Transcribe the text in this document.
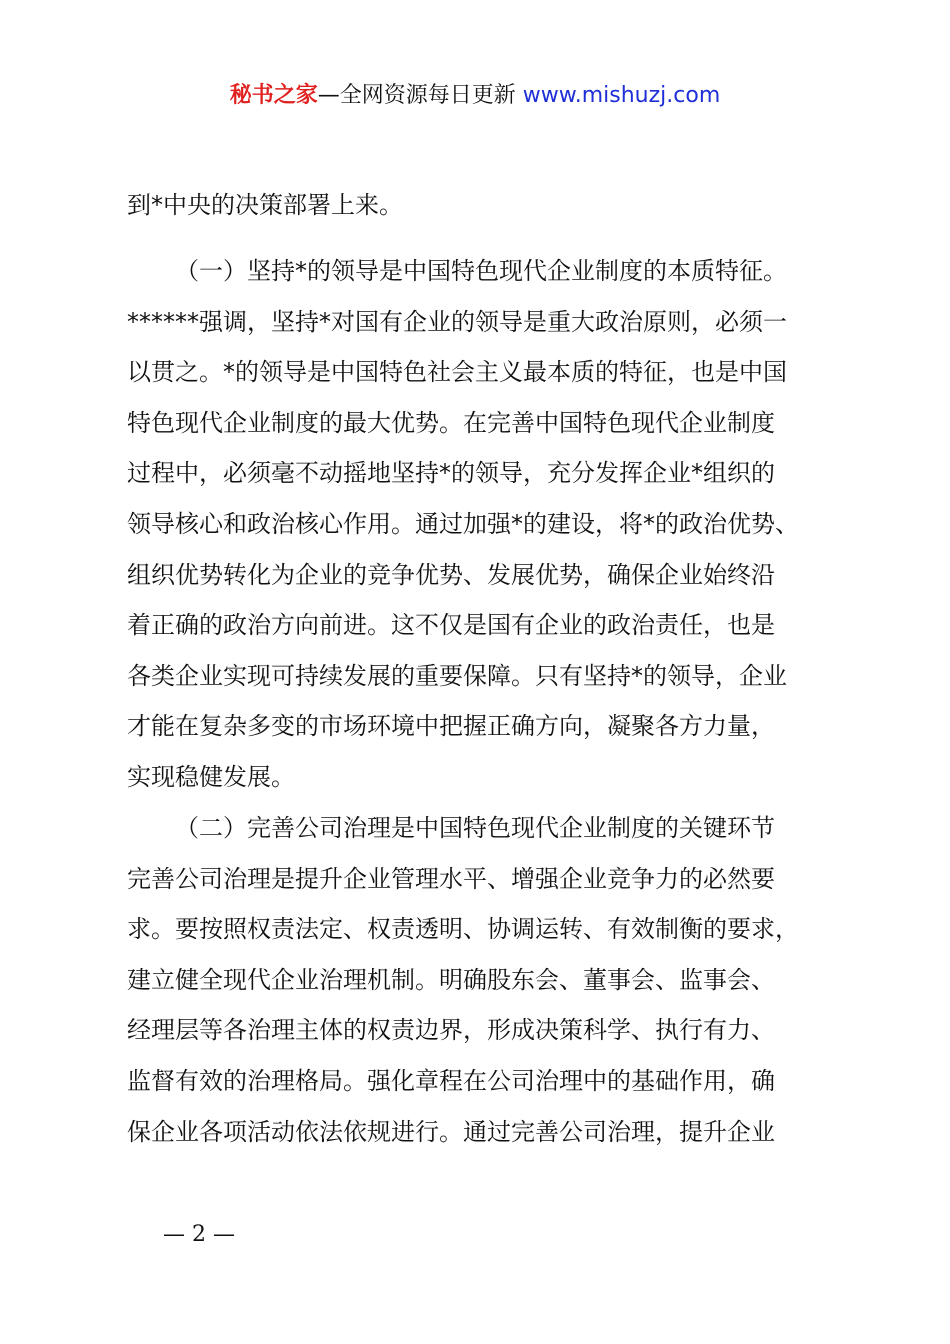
秘书之家—全网资源每日更新 www.mishuzj.com
到*中央的决策部署上来。
（一）坚持*的领导是中国特色现代企业制度的本质特征。
******强调，坚持*对国有企业的领导是重大政治原则，必须一
以贯之。*的领导是中国特色社会主义最本质的特征，也是中国
特色现代企业制度的最大优势。在完善中国特色现代企业制度
过程中，必须毫不动摇地坚持*的领导，充分发挥企业*组织的
领导核心和政治核心作用。通过加强*的建设，将*的政治优势、
组织优势转化为企业的竞争优势、发展优势，确保企业始终沿
着正确的政治方向前进。这不仅是国有企业的政治责任，也是
各类企业实现可持续发展的重要保障。只有坚持*的领导，企业
才能在复杂多变的市场环境中把握正确方向，凝聚各方力量，
实现稳健发展。
（二）完善公司治理是中国特色现代企业制度的关键环节
完善公司治理是提升企业管理水平、增强企业竞争力的必然要
求。要按照权责法定、权责透明、协调运转、有效制衡的要求，
建立健全现代企业治理机制。明确股东会、董事会、监事会、
经理层等各治理主体的权责边界，形成决策科学、执行有力、
监督有效的治理格局。强化章程在公司治理中的基础作用，确
保企业各项活动依法依规进行。通过完善公司治理，提升企业
— 2 —
